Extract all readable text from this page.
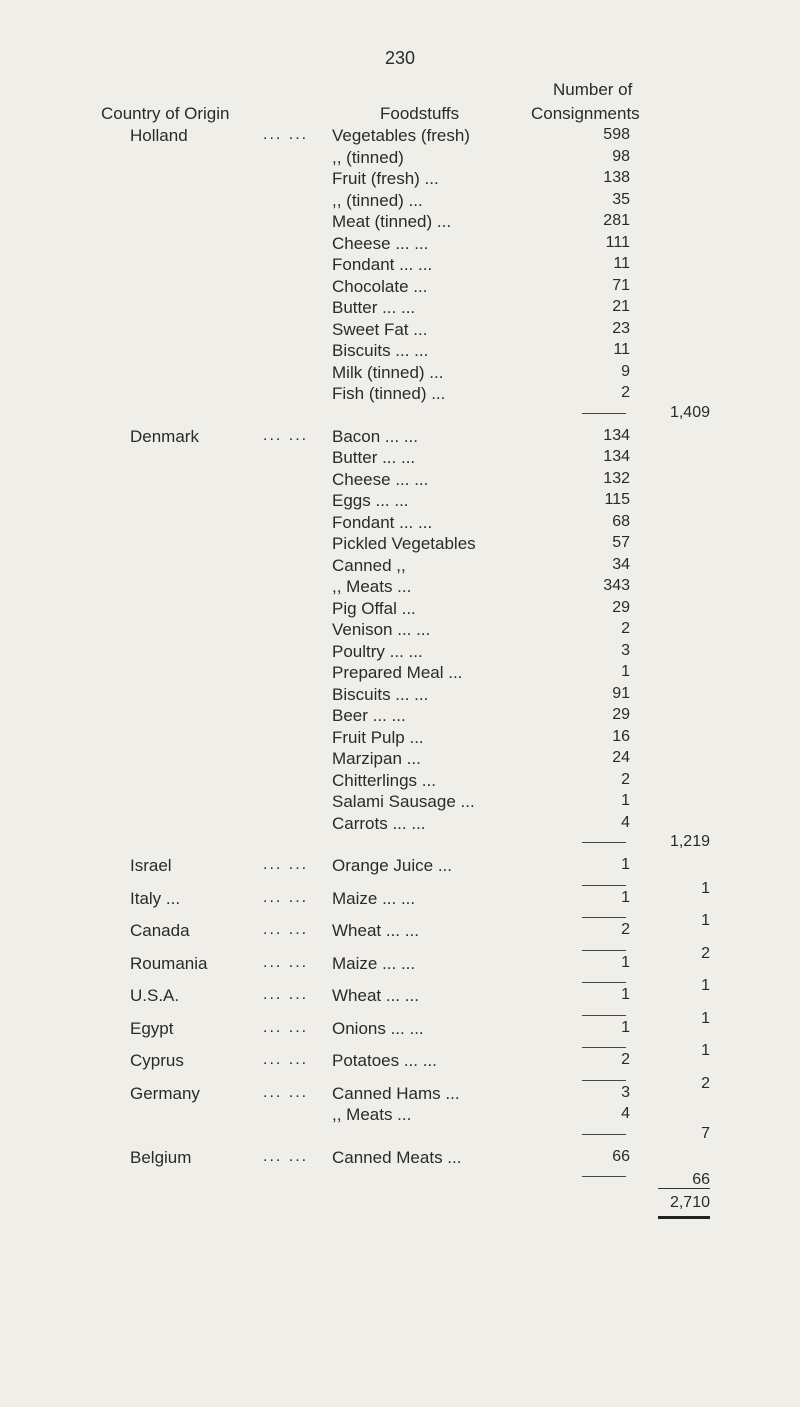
230
Country of Origin	Foodstuffs
Number of
Consignments
Holland	... ... Vegetables (fresh)	598
,, (tinned)	98
Fruit (fresh) ...	138
,, (tinned) ...	35
Meat (tinned) ...	281
Cheese ... ...	111
Fondant ... ...	11
Chocolate ...	71
Butter ... ...	21
Sweet Fat ...	23
Biscuits ... ...	11
Milk (tinned) ...	9
Fish (tinned) ...	2
1,409
Denmark	... ... Bacon ... ...	134
Butter ... ...	134
Cheese ... ...	132
Eggs ... ...	115
Fondant ... ...	68
Pickled Vegetables	57
Canned ,,	34
,, Meats ...	343
Pig Offal ...	29
Venison ... ...	2
Poultry ... ...	3
Prepared Meal ...	1
Biscuits ... ...	91
Beer ... ...	29
Fruit Pulp ...	16
Marzipan ...	24
Chitterlings ...	2
Salami Sausage ...	1
Carrots ... ...	4
1,219
Israel	... ... Orange Juice ...	1
1
Italy ...	... ... Maize ... ...	1
1
Canada	... ... Wheat ... ...	2
2
Roumania	... ... Maize ... ...	1
1
U.S.A.	... ... Wheat ... ...	1
1
Egypt	... ... Onions ... ...	1
1
Cyprus	... ... Potatoes ... ...	2
2
Germany	... ... Canned Hams ...	3
,, Meats ...	4
7
Belgium	... ... Canned Meats ...	66
66
2,710
